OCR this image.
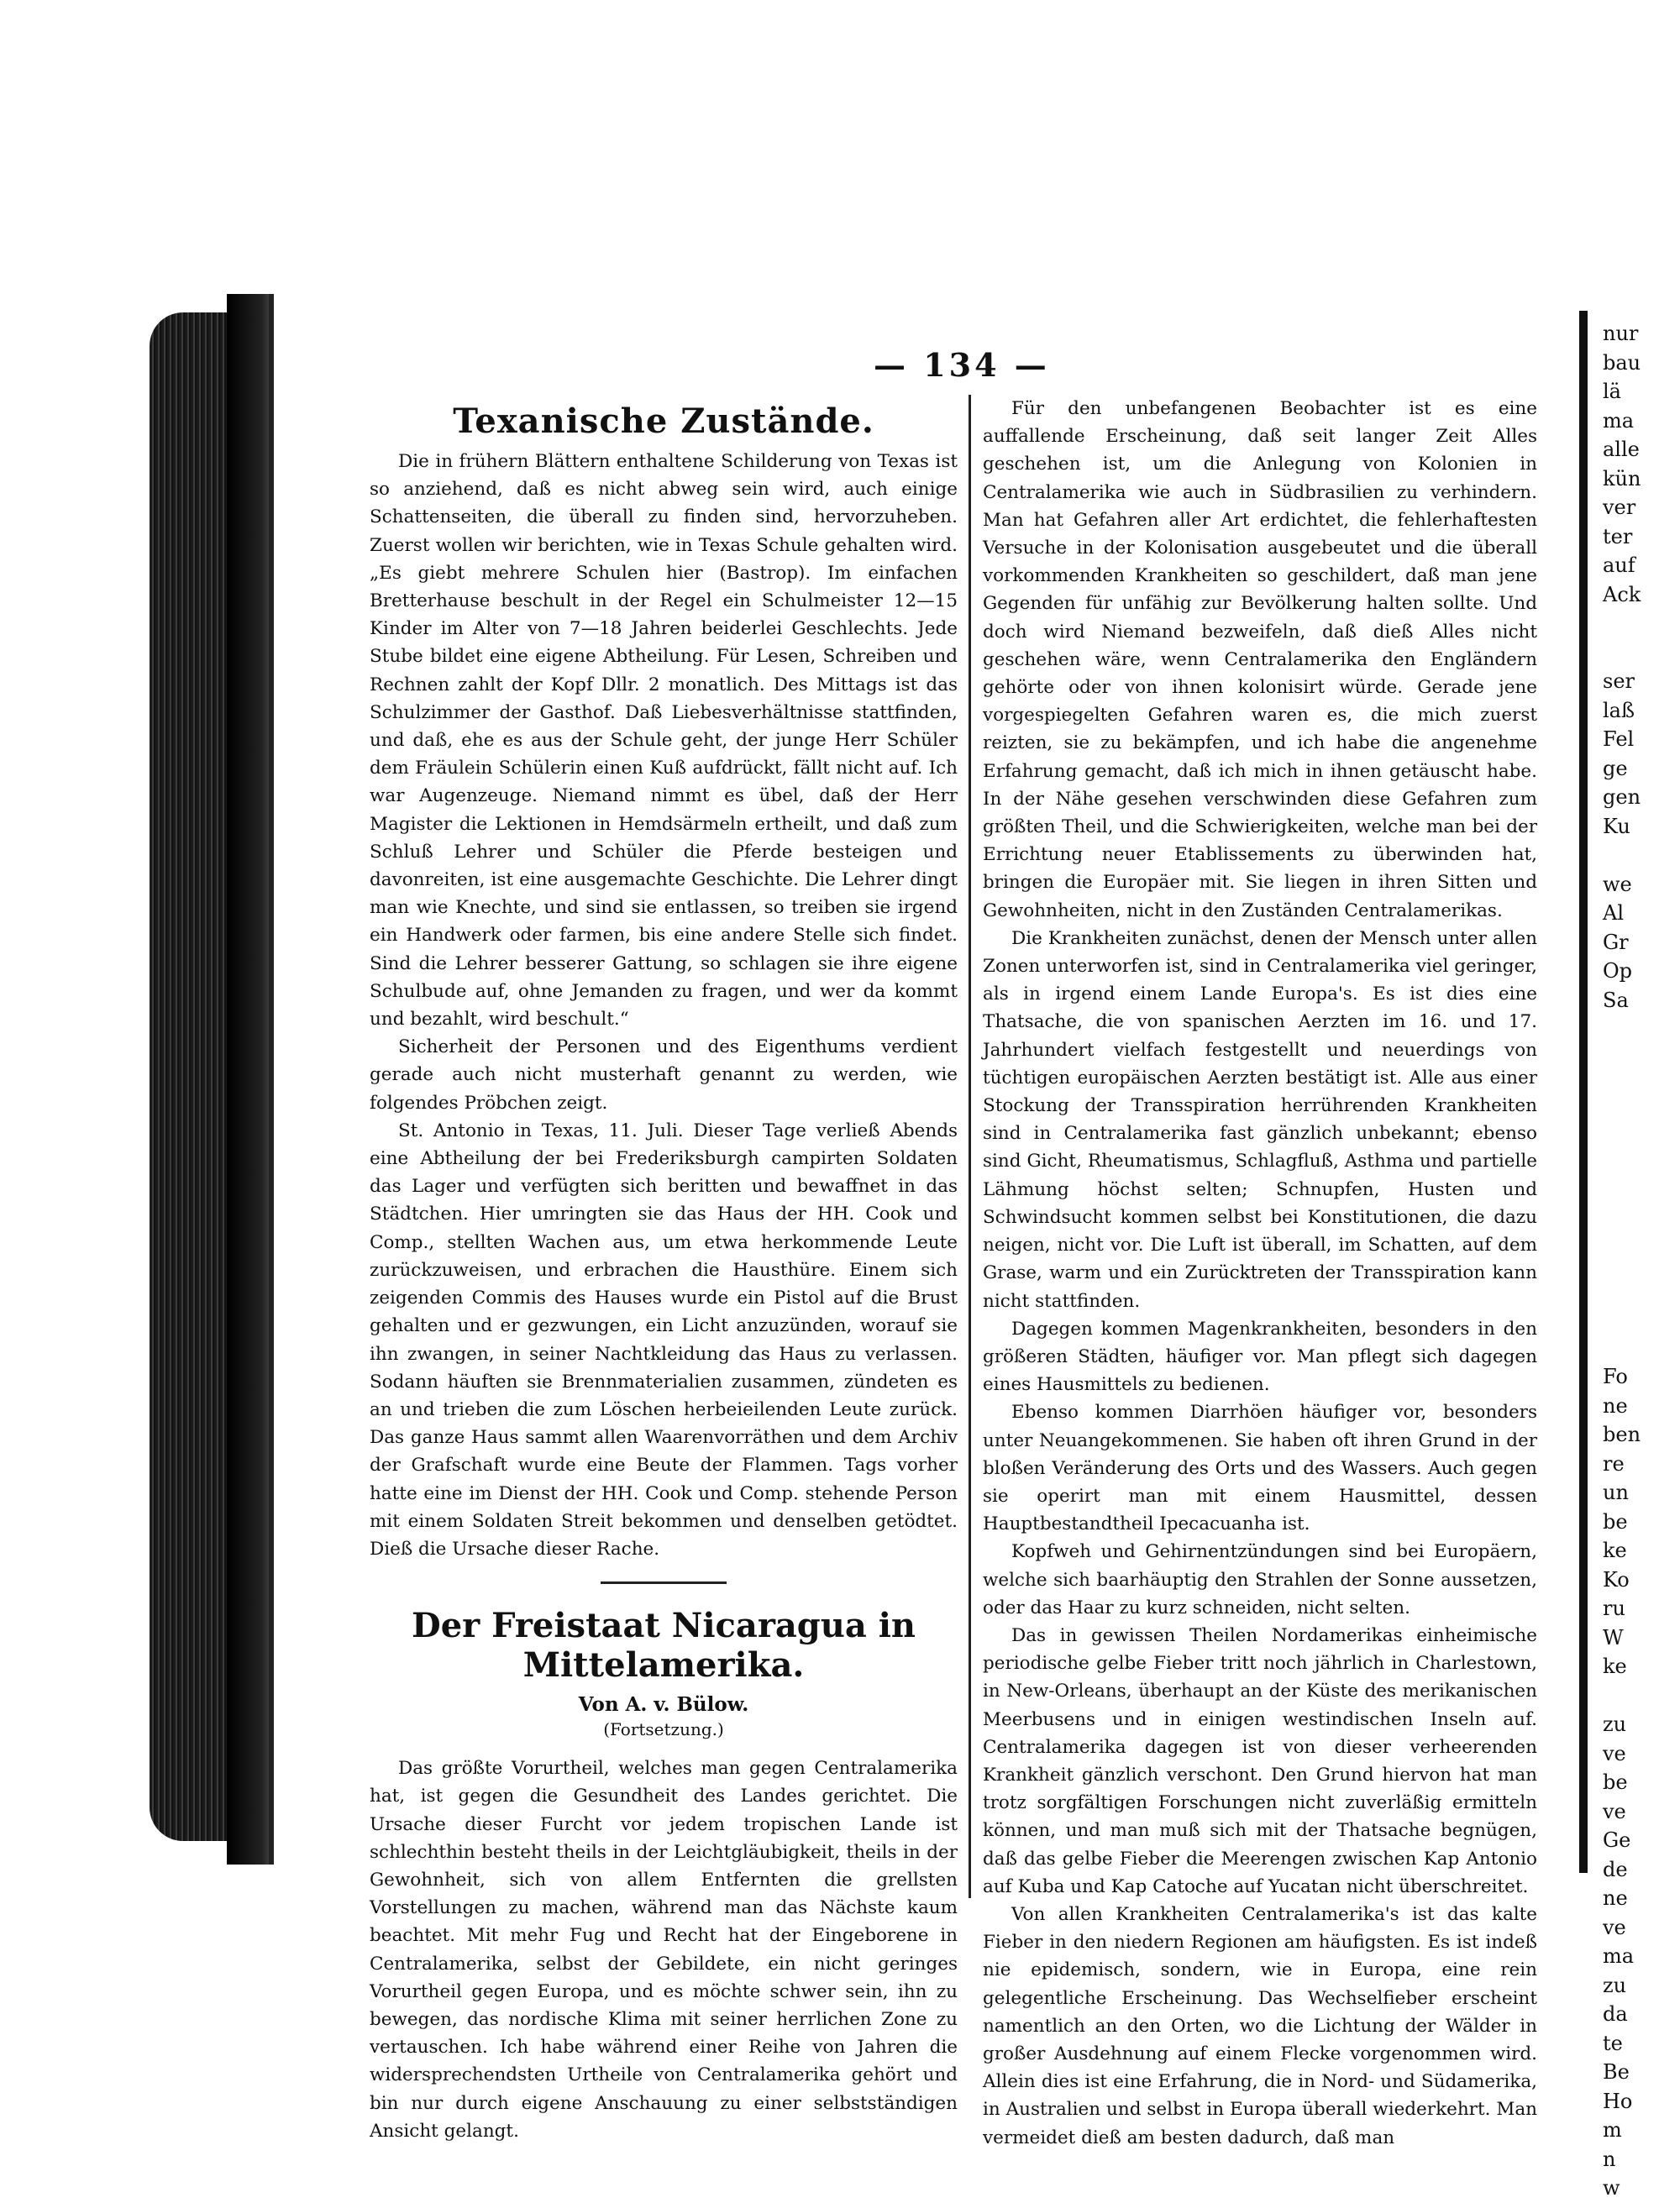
nur
bau
lä
ma
alle
kün
ver
ter
auf
Ack

ser
laß
Fel
ge
gen
Ku

we
Al
Gr
Op
Sa

Fo
ne
ben
re
un
be
ke
Ko
ru
W
ke

zu
ve
be
ve
Ge
de
ne
ve
ma
zu
da
te
Be
Ho
m
n
w
— 134 —
Texanische Zustände.

Die in frühern Blättern enthaltene Schilderung von Texas ist so anziehend, daß es nicht abweg sein wird, auch einige Schattenseiten, die überall zu finden sind, hervorzuheben. Zuerst wollen wir berichten, wie in Texas Schule gehalten wird. „Es giebt mehrere Schulen hier (Bastrop). Im einfachen Bretterhause beschult in der Regel ein Schulmeister 12—15 Kinder im Alter von 7—18 Jahren beiderlei Geschlechts. Jede Stube bildet eine eigene Abtheilung. Für Lesen, Schreiben und Rechnen zahlt der Kopf Dllr. 2 monatlich. Des Mittags ist das Schulzimmer der Gasthof. Daß Liebesverhältnisse stattfinden, und daß, ehe es aus der Schule geht, der junge Herr Schüler dem Fräulein Schülerin einen Kuß aufdrückt, fällt nicht auf. Ich war Augenzeuge. Niemand nimmt es übel, daß der Herr Magister die Lektionen in Hemdsärmeln ertheilt, und daß zum Schluß Lehrer und Schüler die Pferde besteigen und davonreiten, ist eine ausgemachte Geschichte. Die Lehrer dingt man wie Knechte, und sind sie entlassen, so treiben sie irgend ein Handwerk oder farmen, bis eine andere Stelle sich findet. Sind die Lehrer besserer Gattung, so schlagen sie ihre eigene Schulbude auf, ohne Jemanden zu fragen, und wer da kommt und bezahlt, wird beschult.“

Sicherheit der Personen und des Eigenthums verdient gerade auch nicht musterhaft genannt zu werden, wie folgendes Pröbchen zeigt.

St. Antonio in Texas, 11. Juli. Dieser Tage verließ Abends eine Abtheilung der bei Frederiksburgh campirten Soldaten das Lager und verfügten sich beritten und bewaffnet in das Städtchen. Hier umringten sie das Haus der HH. Cook und Comp., stellten Wachen aus, um etwa herkommende Leute zurückzuweisen, und erbrachen die Hausthüre. Einem sich zeigenden Commis des Hauses wurde ein Pistol auf die Brust gehalten und er gezwungen, ein Licht anzuzünden, worauf sie ihn zwangen, in seiner Nachtkleidung das Haus zu verlassen. Sodann häuften sie Brennmaterialien zusammen, zündeten es an und trieben die zum Löschen herbeieilenden Leute zurück. Das ganze Haus sammt allen Waarenvorräthen und dem Archiv der Grafschaft wurde eine Beute der Flammen. Tags vorher hatte eine im Dienst der HH. Cook und Comp. stehende Person mit einem Soldaten Streit bekommen und denselben getödtet. Dieß die Ursache dieser Rache.

Der Freistaat Nicaragua in Mittelamerika.
Von A. v. Bülow.
(Fortsetzung.)

Das größte Vorurtheil, welches man gegen Centralamerika hat, ist gegen die Gesundheit des Landes gerichtet. Die Ursache dieser Furcht vor jedem tropischen Lande ist schlechthin besteht theils in der Leichtgläubigkeit, theils in der Gewohnheit, sich von allem Entfernten die grellsten Vorstellungen zu machen, während man das Nächste kaum beachtet. Mit mehr Fug und Recht hat der Eingeborene in Centralamerika, selbst der Gebildete, ein nicht geringes Vorurtheil gegen Europa, und es möchte schwer sein, ihn zu bewegen, das nordische Klima mit seiner herrlichen Zone zu vertauschen. Ich habe während einer Reihe von Jahren die widersprechendsten Urtheile von Centralamerika gehört und bin nur durch eigene Anschauung zu einer selbstständigen Ansicht gelangt.

Für den unbefangenen Beobachter ist es eine auffallende Erscheinung, daß seit langer Zeit Alles geschehen ist, um die Anlegung von Kolonien in Centralamerika wie auch in Südbrasilien zu verhindern. Man hat Gefahren aller Art erdichtet, die fehlerhaftesten Versuche in der Kolonisation ausgebeutet und die überall vorkommenden Krankheiten so geschildert, daß man jene Gegenden für unfähig zur Bevölkerung halten sollte. Und doch wird Niemand bezweifeln, daß dieß Alles nicht geschehen wäre, wenn Centralamerika den Engländern gehörte oder von ihnen kolonisirt würde. Gerade jene vorgespiegelten Gefahren waren es, die mich zuerst reizten, sie zu bekämpfen, und ich habe die angenehme Erfahrung gemacht, daß ich mich in ihnen getäuscht habe. In der Nähe gesehen verschwinden diese Gefahren zum größten Theil, und die Schwierigkeiten, welche man bei der Errichtung neuer Etablissements zu überwinden hat, bringen die Europäer mit. Sie liegen in ihren Sitten und Gewohnheiten, nicht in den Zuständen Centralamerikas.

Die Krankheiten zunächst, denen der Mensch unter allen Zonen unterworfen ist, sind in Centralamerika viel geringer, als in irgend einem Lande Europa's. Es ist dies eine Thatsache, die von spanischen Aerzten im 16. und 17. Jahrhundert vielfach festgestellt und neuerdings von tüchtigen europäischen Aerzten bestätigt ist. Alle aus einer Stockung der Transspiration herrührenden Krankheiten sind in Centralamerika fast gänzlich unbekannt; ebenso sind Gicht, Rheumatismus, Schlagfluß, Asthma und partielle Lähmung höchst selten; Schnupfen, Husten und Schwindsucht kommen selbst bei Konstitutionen, die dazu neigen, nicht vor. Die Luft ist überall, im Schatten, auf dem Grase, warm und ein Zurücktreten der Transspiration kann nicht stattfinden.

Dagegen kommen Magenkrankheiten, besonders in den größeren Städten, häufiger vor. Man pflegt sich dagegen eines Hausmittels zu bedienen.

Ebenso kommen Diarrhöen häufiger vor, besonders unter Neuangekommenen. Sie haben oft ihren Grund in der bloßen Veränderung des Orts und des Wassers. Auch gegen sie operirt man mit einem Hausmittel, dessen Hauptbestandtheil Ipecacuanha ist.

Kopfweh und Gehirnentzündungen sind bei Europäern, welche sich baarhäuptig den Strahlen der Sonne aussetzen, oder das Haar zu kurz schneiden, nicht selten.

Das in gewissen Theilen Nordamerikas einheimische periodische gelbe Fieber tritt noch jährlich in Charlestown, in New-Orleans, überhaupt an der Küste des merikanischen Meerbusens und in einigen westindischen Inseln auf. Centralamerika dagegen ist von dieser verheerenden Krankheit gänzlich verschont. Den Grund hiervon hat man trotz sorgfältigen Forschungen nicht zuverläßig ermitteln können, und man muß sich mit der Thatsache begnügen, daß das gelbe Fieber die Meerengen zwischen Kap Antonio auf Kuba und Kap Catoche auf Yucatan nicht überschreitet.

Von allen Krankheiten Centralamerika's ist das kalte Fieber in den niedern Regionen am häufigsten. Es ist indeß nie epidemisch, sondern, wie in Europa, eine rein gelegentliche Erscheinung. Das Wechselfieber erscheint namentlich an den Orten, wo die Lichtung der Wälder in großer Ausdehnung auf einem Flecke vorgenommen wird. Allein dies ist eine Erfahrung, die in Nord- und Südamerika, in Australien und selbst in Europa überall wiederkehrt. Man vermeidet dieß am besten dadurch, daß man
